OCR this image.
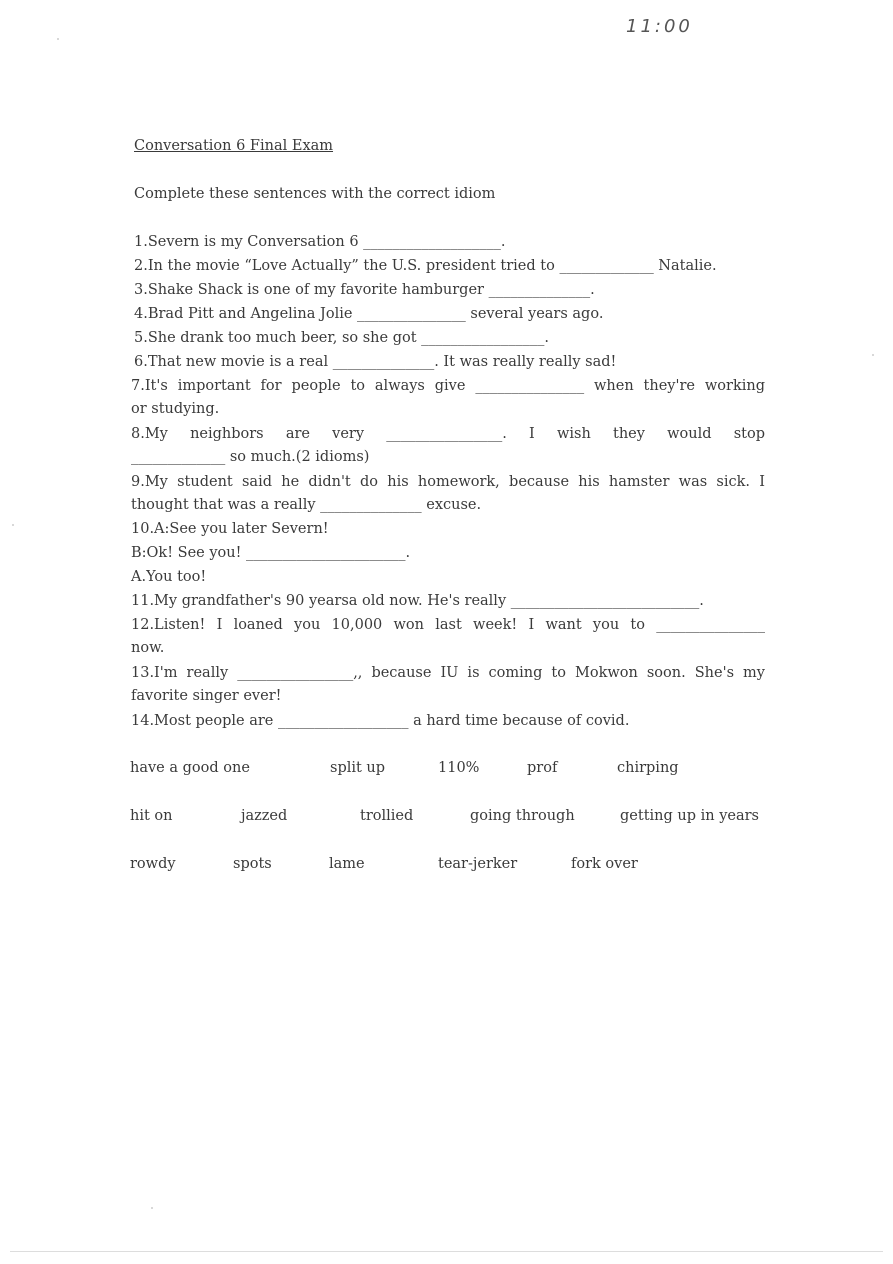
11:00
Conversation 6 Final Exam
Complete these sentences with the correct idiom
1.Severn is my Conversation 6 ___________________.
2.In the movie “Love Actually” the U.S. president tried to _____________ Natalie.
3.Shake Shack is one of my favorite hamburger ______________.
4.Brad Pitt and Angelina Jolie _______________ several years ago.
5.She drank too much beer, so she got _________________.
6.That new movie is a real ______________. It was really really sad!
7.It's important for people to always give _______________ when they're working
or studying.
8.My neighbors are very ________________. I wish they would stop
_____________ so much.(2 idioms)
9.My student said he didn't do his homework, because his hamster was sick. I
thought that was a really ______________ excuse.
10.A:See you later Severn!
B:Ok! See you! ______________________.
A.You too!
11.My grandfather's 90 yearsa old now. He's really __________________________.
12.Listen! I loaned you 10,000 won last week! I want you to _______________
now.
13.I'm really ________________,, because IU is coming to Mokwon soon. She's my
favorite singer ever!
14.Most people are __________________ a hard time because of covid.
have a good one	split up	110%	prof	chirping
hit on	jazzed	trollied	going through	getting up in years
rowdy	spots	lame	tear-jerker	fork over
